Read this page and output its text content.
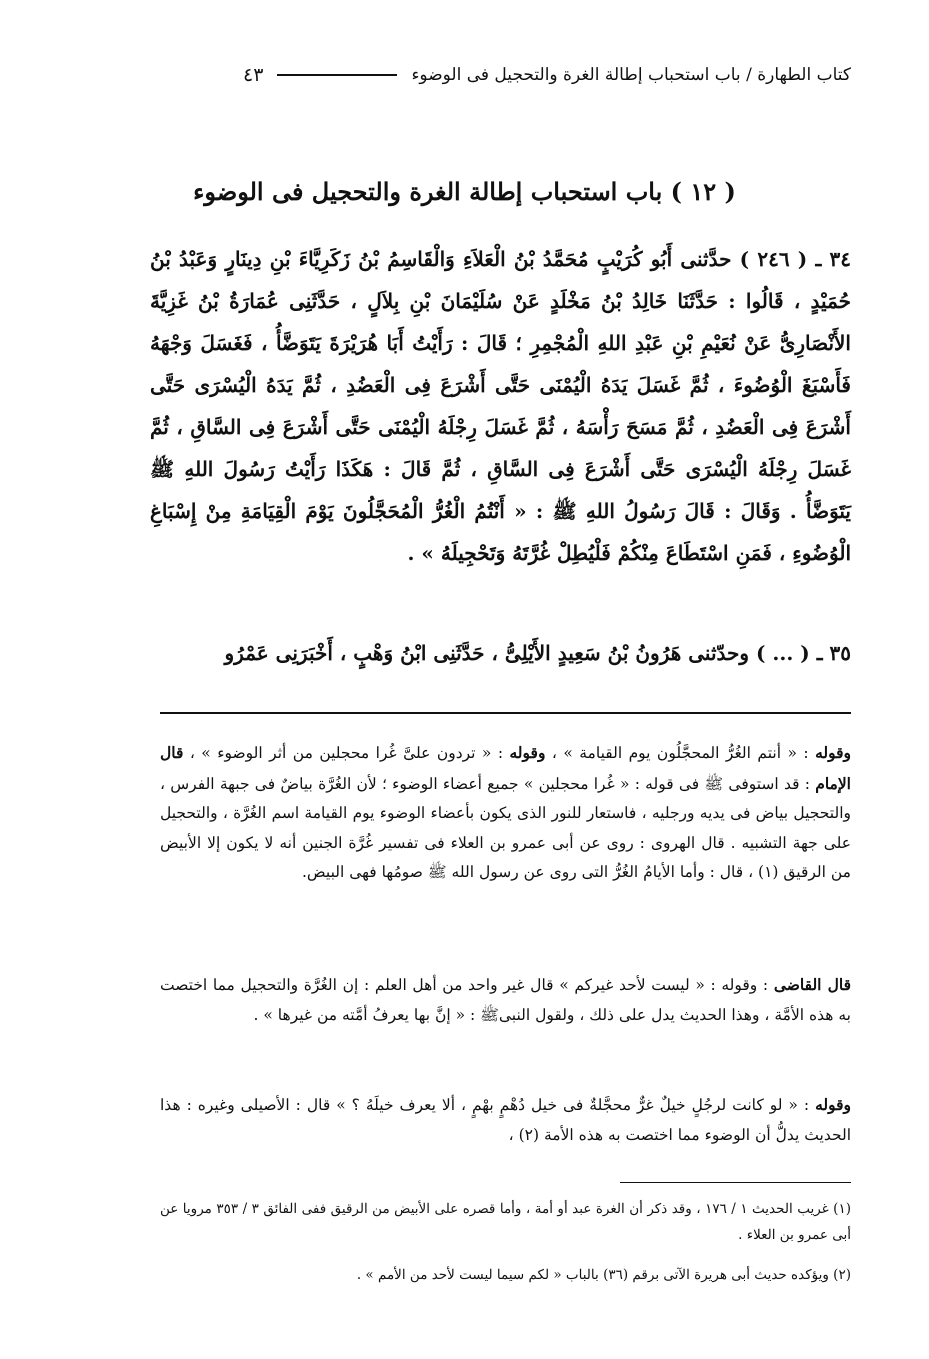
كتاب الطهارة / باب استحباب إطالة الغرة والتحجيل فى الوضوء
٤٣
( ١٢ ) باب استحباب إطالة الغرة والتحجيل فى الوضوء
٣٤ ـ ( ٢٤٦ ) حدَّثنى أَبُو كُرَيْبٍ مُحَمَّدُ بْنُ الْعَلاَءِ وَالْقَاسِمُ بْنُ زَكَرِيَّاءَ بْنِ دِينَارٍ وَعَبْدُ بْنُ حُمَيْدٍ ، قَالُوا : حَدَّثَنَا خَالِدُ بْنُ مَخْلَدٍ عَنْ سُلَيْمَانَ بْنِ بِلاَلٍ ، حَدَّثَنِى عُمَارَةُ بْنُ غَزِيَّةَ الأَنْصَارِىُّ عَنْ نُعَيْمِ بْنِ عَبْدِ اللهِ الْمُجْمِرِ ؛ قَالَ : رَأَيْتُ أَبَا هُرَيْرَةَ يَتَوَضَّأُ ، فَغَسَلَ وَجْهَهُ فَأَسْبَغَ الْوُضُوءَ ، ثُمَّ غَسَلَ يَدَهُ الْيُمْنَى حَتَّى أَشْرَعَ فِى الْعَضُدِ ، ثُمَّ يَدَهُ الْيُسْرَى حَتَّى أَشْرَعَ فِى الْعَضُدِ ، ثُمَّ مَسَحَ رَأْسَهُ ، ثُمَّ غَسَلَ رِجْلَهُ الْيُمْنَى حَتَّى أَشْرَعَ فِى السَّاقِ ، ثُمَّ غَسَلَ رِجْلَهُ الْيُسْرَى حَتَّى أَشْرَعَ فِى السَّاقِ ، ثُمَّ قَالَ : هَكَذَا رَأَيْتُ رَسُولَ اللهِ ﷺ يَتَوَضَّأُ . وَقَالَ : قَالَ رَسُولُ اللهِ ﷺ : « أَنْتُمُ الْغُرُّ الْمُحَجَّلُونَ يَوْمَ الْقِيَامَةِ مِنْ إِسْبَاغِ الْوُضُوءِ ، فَمَنِ اسْتَطَاعَ مِنْكُمْ فَلْيُطِلْ غُرَّتَهُ وَتَحْجِيلَهُ » .
٣٥ ـ ( ... ) وحدّثنى هَرُونُ بْنُ سَعِيدٍ الأَيْلِىُّ ، حَدَّثَنِى ابْنُ وَهْبٍ ، أَخْبَرَنِى عَمْرُو
وقوله : « أنتم الغُرُّ المحجَّلُون يوم القيامة » ، وقوله : « تردون علىَّ غُرا محجلين من أثر الوضوء » ، قال الإمام : قد استوفى ﷺ فى قوله : « غُرا محجلين » جميع أعضاء الوضوء ؛ لأن الغُرَّة بياضٌ فى جبهة الفرس ، والتحجيل بياض فى يديه ورجليه ، فاستعار للنور الذى يكون بأعضاء الوضوء يوم القيامة اسم الغُرَّة ، والتحجيل على جهة التشبيه . قال الهروى : روى عن أبى عمرو بن العلاء فى تفسير غُرَّة الجنين أنه لا يكون إلا الأبيض من الرقيق (١) ، قال : وأما الأيامُ الغُرُّ التى روى عن رسول الله ﷺ صومُها فهى البيض.
قال القاضى : وقوله : « ليست لأحد غيركم » قال غير واحد من أهل العلم : إن الغُرَّة والتحجيل مما اختصت به هذه الأمَّة ، وهذا الحديث يدل على ذلك ، ولقول النبىﷺ : « إنَّ بها يعرفُ أمَّته من غيرها » .
وقوله : « لو كانت لرجُلٍ خيلٌ غرٌّ محجَّلةٌ فى خيل دُهْمٍ بهْمٍ ، ألا يعرف خيلَهُ ؟ » قال : الأصيلى وغيره : هذا الحديث يدلُّ أن الوضوء مما اختصت به هذه الأمة (٢) ،
(١) غريب الحديث ١ / ١٧٦ ، وقد ذكر أن الغرة عبد أو أمة ، وأما قصره على الأبيض من الرقيق ففى الفائق ٣ / ٣٥٣ مرويا عن أبى عمرو بن العلاء .
(٢) ويؤكده حديث أبى هريرة الآتى برقم (٣٦) بالباب « لكم سيما ليست لأحد من الأمم » .
